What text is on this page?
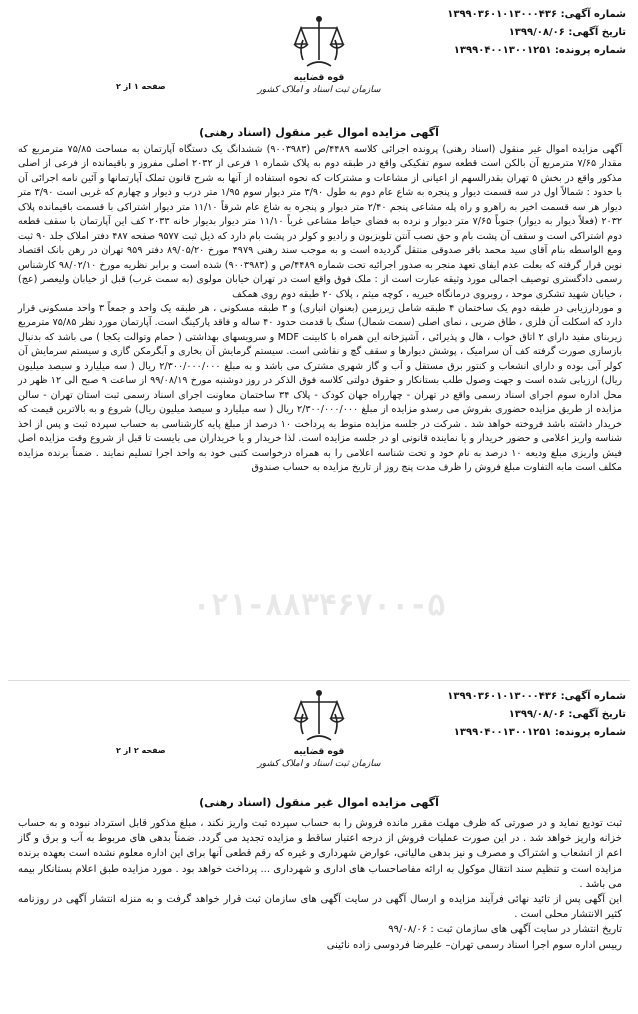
شماره آگهی: ۱۳۹۹۰۳۶۰۱۰۱۳۰۰۰۴۳۶
تاریخ آگهی: ۱۳۹۹/۰۸/۰۶
شماره پرونده: ۱۳۹۹۰۴۰۰۱۳۰۰۱۲۵۱
قوه قضاییه
سازمان ثبت اسناد و املاک کشور
صفحه ۱ از ۲
آگهی مزایده اموال غیر منقول (اسناد رهنی)

آگهی مزایده اموال غیر منقول (اسناد رهنی) پرونده اجرائی کلاسه ۴۴۸۹/ص (۹۰۰۳۹۸۳) ششدانگ یک دستگاه آپارتمان به مساحت ۷۵/۸۵ مترمربع که مقدار ۷/۶۵ مترمربع آن بالکن است قطعه سوم تفکیکی واقع در طبقه دوم به پلاک شماره ۱ فرعی از ۲۰۳۲ اصلی مفروز و باقیمانده از فرعی از اصلی مذکور واقع در بخش ۵ تهران بقدرالسهم از اعیانی از مشاعات و مشترکات که نحوه استفاده از آنها به شرح قانون تملک آپارتمانها و آئین نامه اجرائی آن با حدود : شمالاً اول در سه قسمت دیوار و پنجره به شاع عام دوم به طول ۳/۹۰ متر دیوار سوم ۱/۹۵ متر درب و دیوار و چهارم که غربی است ۳/۹۰ متر دیوار هر سه قسمت اخیر به راهرو و راه پله مشاعی پنجم ۲/۴۰ متر دیوار و پنجره به شاع عام شرقاً ۱۱/۱۰ متر دیوار اشتراکی با قسمت باقیمانده پلاک ۲۰۳۲ (فعلاً دیوار به دیوار) جنوباً ۷/۶۵ متر دیوار و نرده به فضای حیاط مشاعی غرباً ۱۱/۱۰ متر دیوار بدیوار خانه ۲۰۳۳ کف این آپارتمان با سقف قطعه دوم اشتراکی است و سقف آن پشت بام و حق نصب آنتن تلویزیون و رادیو و کولر در پشت بام دارد که ذیل ثبت ۹۵۷۷ صفحه ۴۸۷ دفتر املاک جلد ۹۰ ثبت ومع الواسطه بنام آقای سید محمد باقر صدوقی منتقل گردیده است و به موجب سند رهنی ۴۹۷۹ مورخ ۸۹/۰۵/۲۰ دفتر ۹۵۹ تهران در رهن بانک اقتصاد نوین قرار گرفته که بعلت عدم ایفای تعهد منجر به صدور اجرائیه تحت شماره ۴۴۸۹/ص و (۹۰۰۳۹۸۳) شده است و برابر نظریه مورخ ۹۸/۰۲/۱۰ کارشناس رسمی دادگستری توصیف اجمالی مورد وثیقه عبارت است از : ملک فوق واقع است در تهران خیابان مولوی (به سمت غرب) قبل از خیابان ولیعصر (عج) ، خیابان شهید تشکری موحد ، روبروی درمانگاه خیریه ، کوچه میثم ، پلاک ۲۰ طبقه دوم روی همکف

و موردارزیابی در طبقه دوم یک ساختمان ۴ طبقه شامل زیرزمین (بعنوان انباری) و ۳ طبقه مسکونی ، هر طبقه یک واحد و جمعاً ۳ واحد مسکونی قرار دارد که اسکلت آن فلزی ، طاق ضربی ، نمای اصلی (سمت شمال) سنگ با قدمت حدود ۴۰ ساله و فاقد پارکینگ است. آپارتمان مورد نظر ۷۵/۸۵ مترمربع زیربنای مفید دارای ۲ اتاق خواب ، هال و پذیرائی ، آشپزخانه این همراه با کابینت MDF و سرویسهای بهداشتی ( حمام وتوالت یکجا ) می باشد که بدنبال بازسازی صورت گرفته کف آن سرامیک ، پوشش دیوارها و سقف گچ و نقاشی است. سیستم گرمایش آن بخاری و آبگرمکن گازی و سیستم سرمایش آن کولر آبی بوده و دارای انشعاب و کنتور برق مستقل و آب و گاز شهری مشترک می باشد و به مبلغ ۲/۳۰۰/۰۰۰/۰۰۰ ریال ( سه میلیارد و سیصد میلیون ریال) ارزیابی شده است و جهت وصول طلب بستانکار و حقوق دولتی کلاسه فوق الذکر در روز دوشنبه مورخ ۹۹/۰۸/۱۹ از ساعت ۹ صبح الی ۱۲ ظهر در محل اداره سوم اجرای اسناد رسمی واقع در تهران - چهارراه جهان کودک - پلاک ۳۴ ساختمان معاونت اجرای اسناد رسمی ثبت استان تهران - سالن مزایده از طریق مزایده حضوری بفروش می رسدو مزایده از مبلغ ۲/۳۰۰/۰۰۰/۰۰۰ ریال ( سه میلیارد و سیصد میلیون ریال) شروع و به بالاترین قیمت که خریدار داشته باشد فروخته خواهد شد . شرکت در جلسه مزایده منوط به پرداخت ۱۰ درصد از مبلغ پایه کارشناسی به حساب سپرده ثبت و پس از اخذ شناسه واریز اعلامی و حضور خریدار و یا نماینده قانونی او در جلسه مزایده است. لذا خریدار و یا خریداران می بایست تا قبل از شروع وقت مزایده اصل فیش واریزی مبلغ ودیعه ۱۰ درصد به نام خود و تحت شناسه اعلامی را به همراه درخواست کتبی خود به واحد اجرا تسلیم نمایند . ضمناً برنده مزایده مکلف است مابه التفاوت مبلغ فروش را ظرف مدت پنج روز از تاریخ مزایده به حساب صندوق

۰۲۱-۸۸۳۴۶۷۰۰-۵
شماره آگهی: ۱۳۹۹۰۳۶۰۱۰۱۳۰۰۰۴۳۶
تاریخ آگهی: ۱۳۹۹/۰۸/۰۶
شماره پرونده: ۱۳۹۹۰۴۰۰۱۳۰۰۱۲۵۱
قوه قضاییه
سازمان ثبت اسناد و املاک کشور
صفحه ۲ از ۲
آگهی مزایده اموال غیر منقول (اسناد رهنی)

ثبت تودیع نماید و در صورتی که ظرف مهلت مقرر مانده فروش را به حساب سپرده ثبت واریز نکند ، مبلغ مذکور قابل استرداد نبوده و به حساب خزانه واریز خواهد شد . در این صورت عملیات فروش از درجه اعتبار ساقط و مزایده تجدید می گردد. ضمناً بدهی های مربوط به آب و برق و گاز اعم از انشعاب و اشتراک و مصرف و نیز بدهی مالیاتی، عوارض شهرداری و غیره که رقم قطعی آنها برای این اداره معلوم نشده است بعهده برنده مزایده است و تنظیم سند انتقال موکول به ارائه مفاصاحساب های اداری و شهرداری ... پرداخت خواهد بود . مورد مزایده طبق اعلام بستانکار بیمه می باشد .

این آگهی پس از تائید نهائی فرآیند مزایده و ارسال آگهی در سایت آگهی های سازمان ثبت قرار خواهد گرفت و به منزله انتشار آگهی در روزنامه کثیر الانتشار محلی است .

تاریخ انتشار در سایت آگهی های سازمان ثبت : ۹۹/۰۸/۰۶

رییس اداره سوم اجرا اسناد رسمی تهران– علیرضا فردوسی زاده نائینی
